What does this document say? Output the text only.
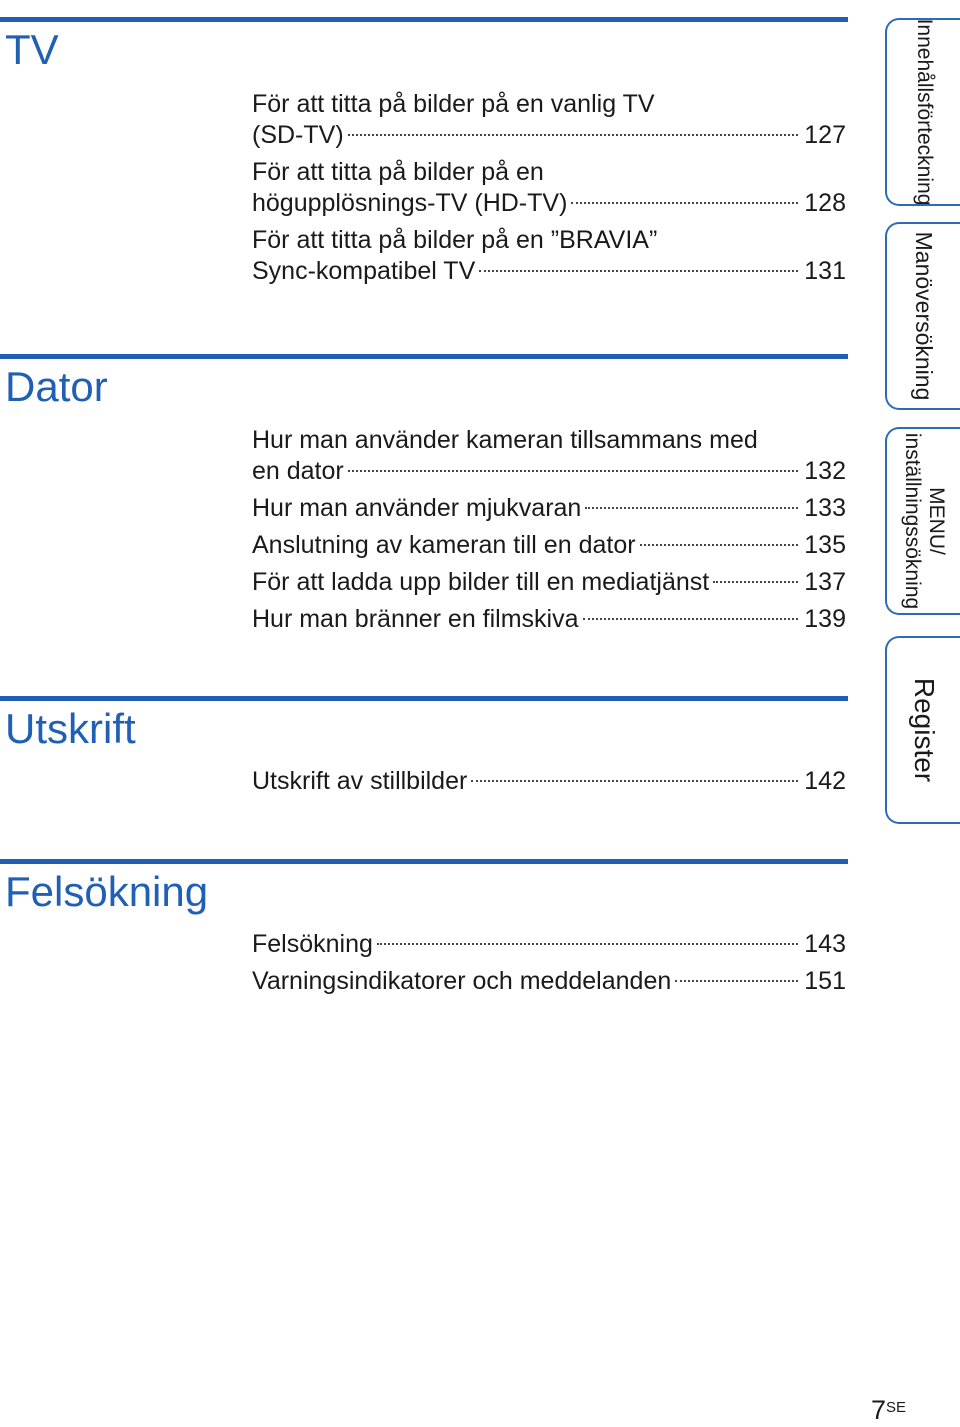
TV
För att titta på bilder på en vanlig TV
(SD-TV)	127
För att titta på bilder på en
högupplösnings-TV (HD-TV)	128
För att titta på bilder på en ”BRAVIA”
Sync-kompatibel TV	131
Dator
Hur man använder kameran tillsammans med
en dator	132
Hur man använder mjukvaran	133
Anslutning av kameran till en dator	135
För att ladda upp bilder till en mediatjänst	137
Hur man bränner en filmskiva	139
Utskrift
Utskrift av stillbilder	142
Felsökning
Felsökning	143
Varningsindikatorer och meddelanden	151
Innehållsförteckning
Manöversökning
MENU/
inställningssökning
Register
$7^{SE}$
